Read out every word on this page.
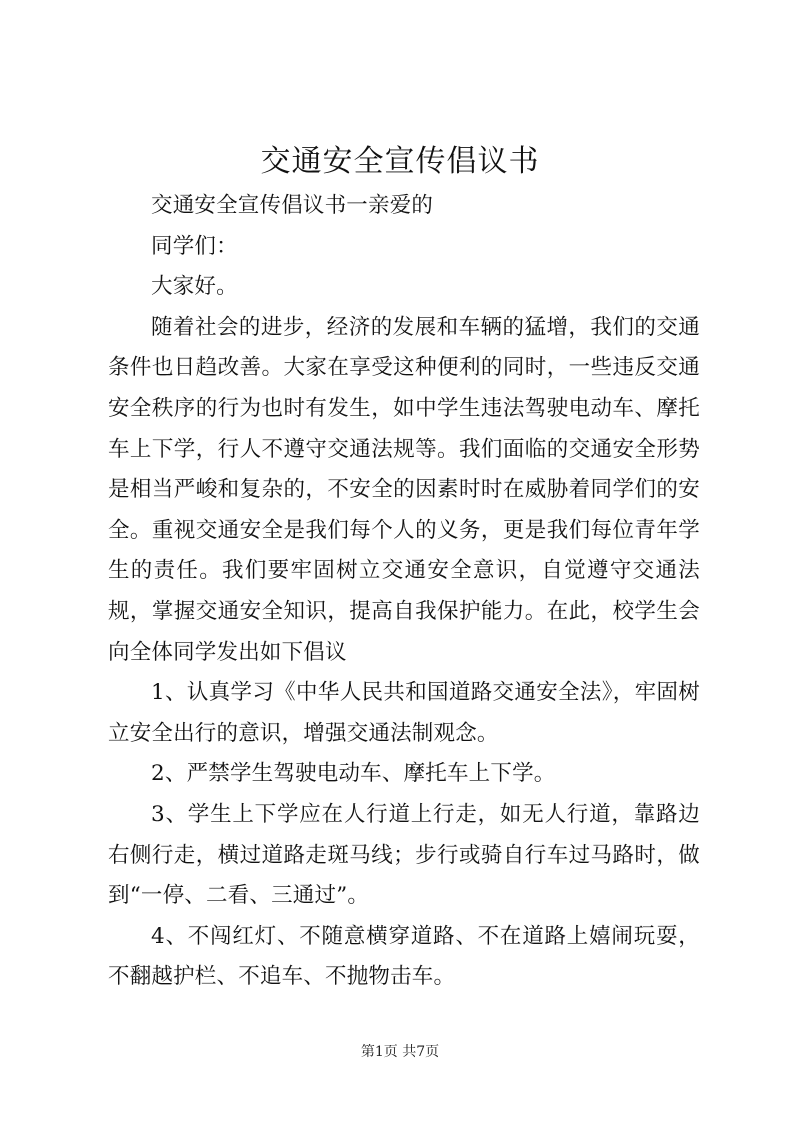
交通安全宣传倡议书

交通安全宣传倡议书一亲爱的

同学们：

大家好。

随着社会的进步，经济的发展和车辆的猛增，我们的交通条件也日趋改善。大家在享受这种便利的同时，一些违反交通安全秩序的行为也时有发生，如中学生违法驾驶电动车、摩托车上下学，行人不遵守交通法规等。我们面临的交通安全形势是相当严峻和复杂的，不安全的因素时时在威胁着同学们的安全。重视交通安全是我们每个人的义务，更是我们每位青年学生的责任。我们要牢固树立交通安全意识，自觉遵守交通法规，掌握交通安全知识，提高自我保护能力。在此，校学生会向全体同学发出如下倡议

1、认真学习《中华人民共和国道路交通安全法》，牢固树立安全出行的意识，增强交通法制观念。

2、严禁学生驾驶电动车、摩托车上下学。

3、学生上下学应在人行道上行走，如无人行道，靠路边右侧行走，横过道路走斑马线；步行或骑自行车过马路时，做到“一停、二看、三通过”。

4、不闯红灯、不随意横穿道路、不在道路上嬉闹玩耍，不翻越护栏、不追车、不抛物击车。

第1页 共7页
